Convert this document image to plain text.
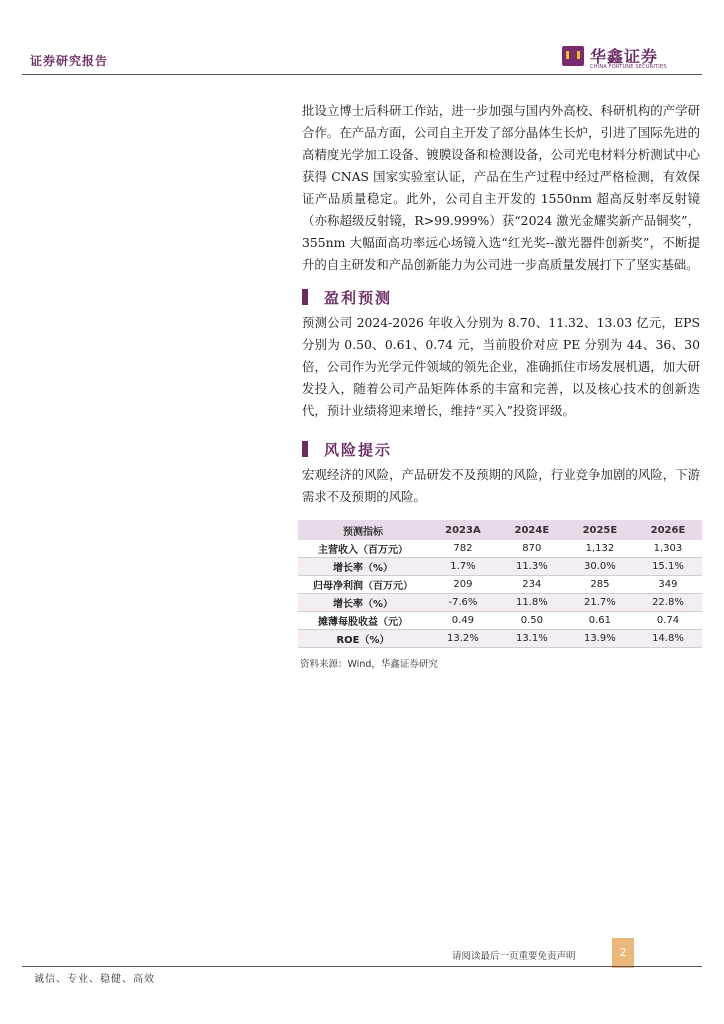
证券研究报告	华鑫证券
CHINA FORTUNE SECURITIES

批设立博士后科研工作站，进一步加强与国内外高校、科研机构的产学研合作。在产品方面，公司自主开发了部分晶体生长炉，引进了国际先进的高精度光学加工设备、镀膜设备和检测设备，公司光电材料分析测试中心获得 CNAS 国家实验室认证，产品在生产过程中经过严格检测，有效保证产品质量稳定。此外，公司自主开发的 1550nm 超高反射率反射镜（亦称超级反射镜，R>99.999%）获“2024 激光金耀奖新产品铜奖”，355nm 大幅面高功率远心场镜入选“红光奖--激光器件创新奖”，不断提升的自主研发和产品创新能力为公司进一步高质量发展打下了坚实基础。

盈利预测

预测公司 2024-2026 年收入分别为 8.70、11.32、13.03 亿元，EPS 分别为 0.50、0.61、0.74 元，当前股价对应 PE 分别为 44、36、30 倍，公司作为光学元件领域的领先企业，准确抓住市场发展机遇，加大研发投入，随着公司产品矩阵体系的丰富和完善，以及核心技术的创新迭代，预计业绩将迎来增长，维持“买入”投资评级。

风险提示

宏观经济的风险，产品研发不及预期的风险，行业竞争加剧的风险，下游需求不及预期的风险。

预测指标	2023A	2024E	2025E	2026E
主营收入（百万元）	782	870	1,132	1,303
增长率（%）	1.7%	11.3%	30.0%	15.1%
归母净利润（百万元）	209	234	285	349
增长率（%）	-7.6%	11.8%	21.7%	22.8%
摊薄每股收益（元）	0.49	0.50	0.61	0.74
ROE（%）	13.2%	13.1%	13.9%	14.8%
资料来源：Wind，华鑫证券研究
请阅读最后一页重要免责声明	2
诚信、专业、稳健、高效
